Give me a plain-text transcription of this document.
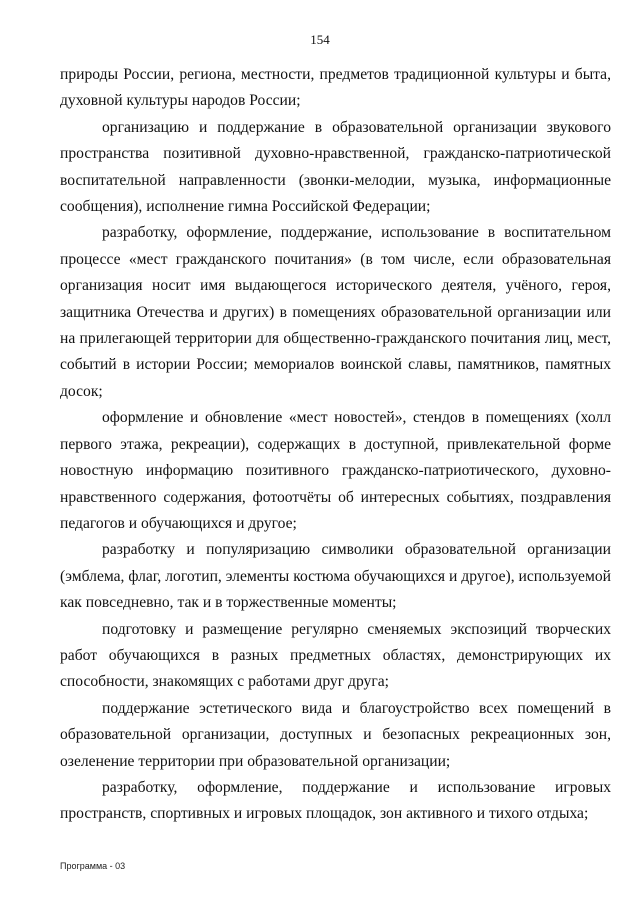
154

природы России, региона, местности, предметов традиционной культуры и быта, духовной культуры народов России;

организацию и поддержание в образовательной организации звукового пространства позитивной духовно-нравственной, гражданско-патриотической воспитательной направленности (звонки-мелодии, музыка, информационные сообщения), исполнение гимна Российской Федерации;

разработку, оформление, поддержание, использование в воспитательном процессе «мест гражданского почитания» (в том числе, если образовательная организация носит имя выдающегося исторического деятеля, учёного, героя, защитника Отечества и других) в помещениях образовательной организации или на прилегающей территории для общественно-гражданского почитания лиц, мест, событий в истории России; мемориалов воинской славы, памятников, памятных досок;

оформление и обновление «мест новостей», стендов в помещениях (холл первого этажа, рекреации), содержащих в доступной, привлекательной форме новостную информацию позитивного гражданско-патриотического, духовно-нравственного содержания, фотоотчёты об интересных событиях, поздравления педагогов и обучающихся и другое;

разработку и популяризацию символики образовательной организации (эмблема, флаг, логотип, элементы костюма обучающихся и другое), используемой как повседневно, так и в торжественные моменты;

подготовку и размещение регулярно сменяемых экспозиций творческих работ обучающихся в разных предметных областях, демонстрирующих их способности, знакомящих с работами друг друга;

поддержание эстетического вида и благоустройство всех помещений в образовательной организации, доступных и безопасных рекреационных зон, озеленение территории при образовательной организации;

разработку, оформление, поддержание и использование игровых пространств, спортивных и игровых площадок, зон активного и тихого отдыха;

Программа - 03
